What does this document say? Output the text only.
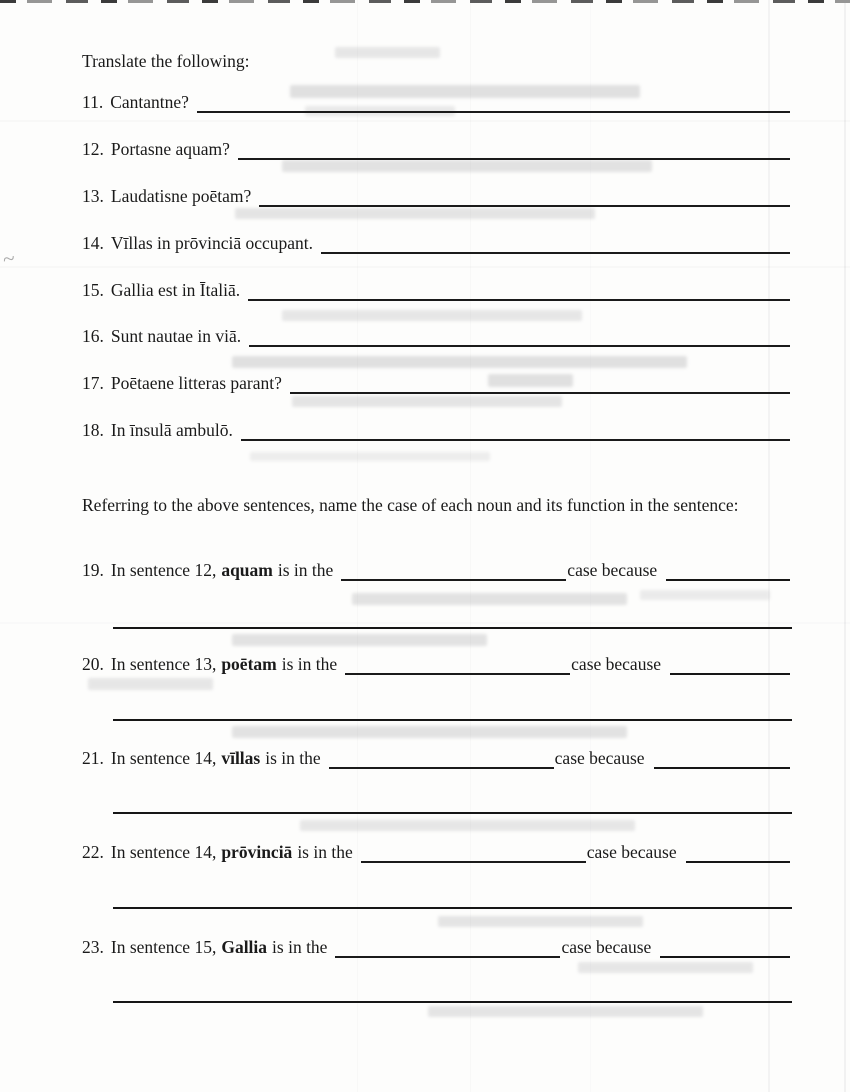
~
Translate the following:
11. Cantantne?
12. Portasne aquam?
13. Laudatisne poētam?
14. Vīllas in prōvinciā occupant.
15. Gallia est in Ītaliā.
16. Sunt nautae in viā.
17. Poētaene litteras parant?
18. In īnsulā ambulō.
Referring to the above sentences, name the case of each noun and its function in the sentence:
19. In sentence 12, aquam is in the	case because
20. In sentence 13, poētam is in the	case because
21. In sentence 14, vīllas is in the	case because
22. In sentence 14, prōvinciā is in the	case because
23. In sentence 15, Gallia is in the	case because
